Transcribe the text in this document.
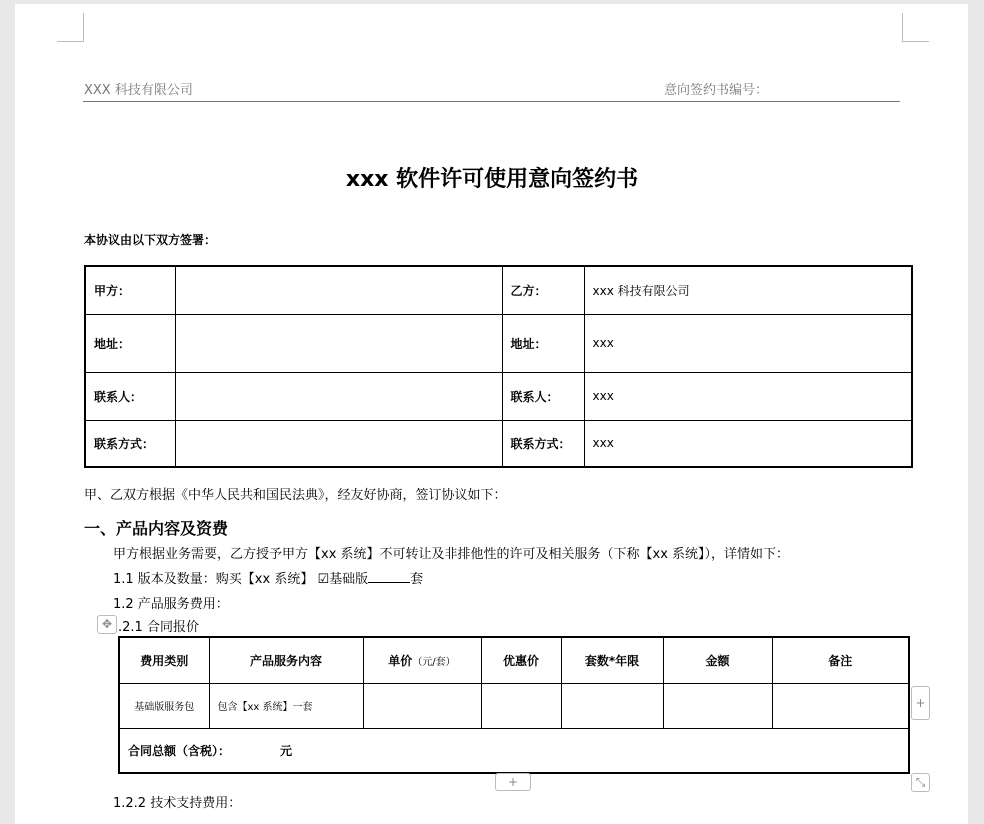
XXX 科技有限公司	意向签约书编号：
xxx 软件许可使用意向签约书
本协议由以下双方签署：
甲方：		乙方：	xxx 科技有限公司
地址：		地址：	xxx
联系人：		联系人：	xxx
联系方式：		联系方式：	xxx
甲、乙双方根据《中华人民共和国民法典》，经友好协商，签订协议如下：
一、产品内容及资费
甲方根据业务需要，乙方授予甲方【xx 系统】不可转让及非排他性的许可及相关服务（下称【xx 系统】），详情如下：
1.1 版本及数量：购买【xx 系统】 ☑基础版	套
1.2 产品服务费用：
✥ .2.1 合同报价
费用类别	产品服务内容	单价（元/套）	优惠价	套数*年限	金额	备注
基础版服务包	包含【xx 系统】一套					
合同总额（含税）： 元						
+
+	⤡
1.2.2 技术支持费用：
